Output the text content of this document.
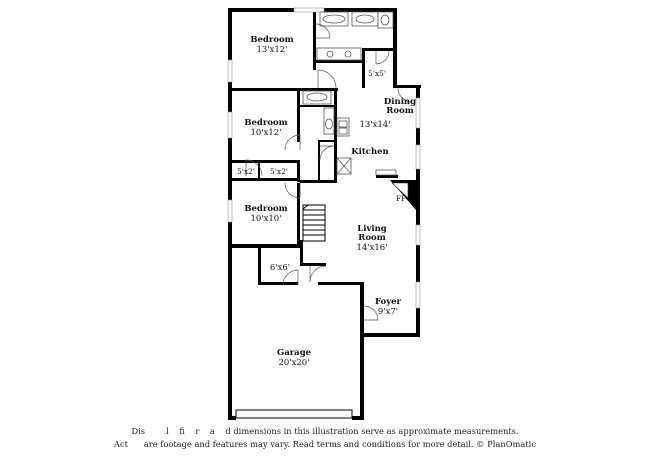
Bedroom
13'x12'
5'x5'
Dining
Room
13'x14'
Kitchen
Bedroom
10'x12'
5'x2' 5'x2'
Bedroom
10'x10'
FP
Living
Room
14'x16'
6'x6'
Foyer
9'x7'
Garage
20'x20'
Dis        l    fi    r    a    d dimensions in this illustration serve as approximate measurements.
Act      are footage and features may vary. Read terms and conditions for more detail. © PlanOmatic
